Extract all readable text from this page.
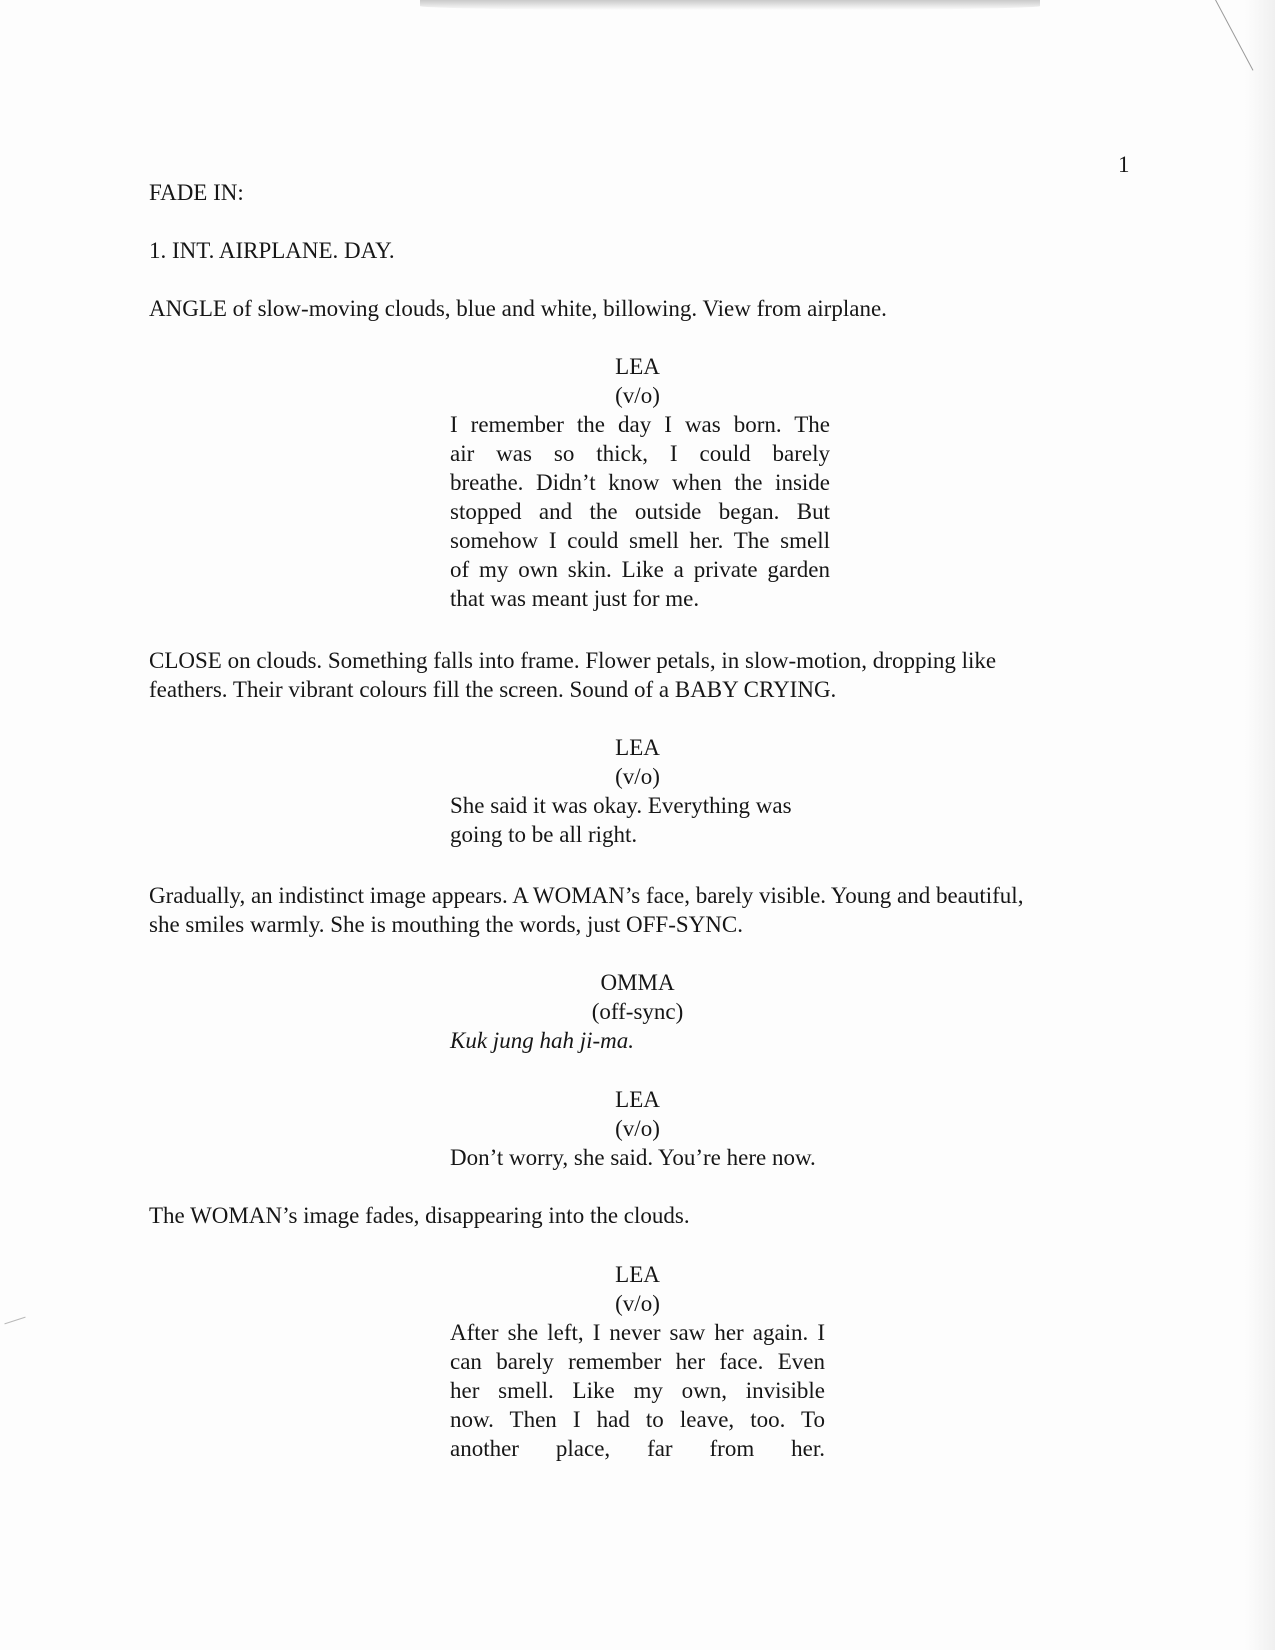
1
FADE IN:
1. INT. AIRPLANE. DAY.
ANGLE of slow-moving clouds, blue and white, billowing. View from airplane.
LEA
(v/o)
I remember the day I was born. The
air was so thick, I could barely
breathe. Didn’t know when the inside
stopped and the outside began. But
somehow I could smell her. The smell
of my own skin. Like a private garden
that was meant just for me.
CLOSE on clouds. Something falls into frame. Flower petals, in slow-motion, dropping like
feathers. Their vibrant colours fill the screen. Sound of a BABY CRYING.
LEA
(v/o)
She said it was okay. Everything was
going to be all right.
Gradually, an indistinct image appears. A WOMAN’s face, barely visible. Young and beautiful,
she smiles warmly. She is mouthing the words, just OFF-SYNC.
OMMA
(off-sync)
Kuk jung hah ji-ma.
LEA
(v/o)
Don’t worry, she said. You’re here now.
The WOMAN’s image fades, disappearing into the clouds.
LEA
(v/o)
After she left, I never saw her again. I
can barely remember her face. Even
her smell. Like my own, invisible
now. Then I had to leave, too. To
another place, far from her.
